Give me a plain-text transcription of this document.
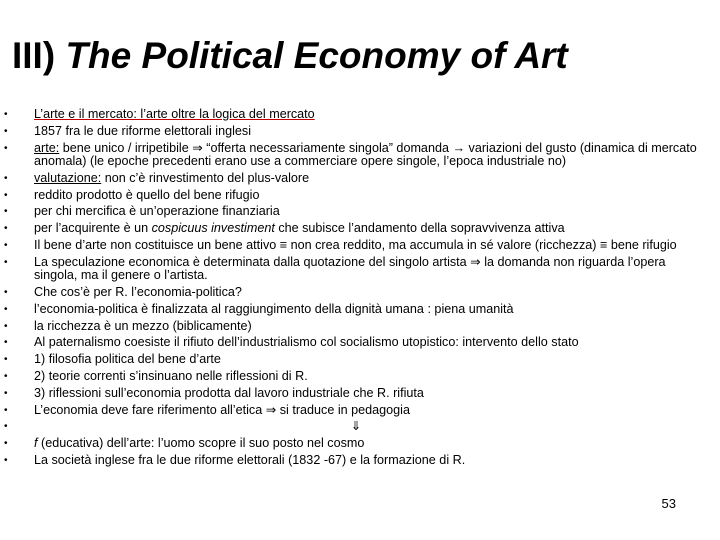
III) The Political Economy of Art
• L’arte e il mercato: l’arte oltre la logica del mercato
• 1857 fra le due riforme elettorali inglesi
• arte: bene unico / irripetibile ⇒ “offerta necessariamente singola” domanda → variazioni del gusto (dinamica di mercato anomala) (le epoche precedenti erano use a commerciare opere singole, l’epoca industriale no)
• valutazione: non c’è rinvestimento del plus-valore
• reddito prodotto è quello del bene rifugio
• per chi mercifica è un’operazione finanziaria
• per l’acquirente è un cospicuus investiment che subisce l’andamento della sopravvivenza attiva
• Il bene d’arte non costituisce un bene attivo ≡ non crea reddito, ma accumula in sé valore (ricchezza) ≡ bene rifugio
• La speculazione economica è determinata dalla quotazione del singolo artista ⇒ la domanda non riguarda l’opera singola, ma il genere o l’artista.
• Che cos’è per R. l’economia-politica?
• l’economia-politica è finalizzata al raggiungimento della dignità umana : piena umanità
• la ricchezza è un mezzo (biblicamente)
• Al paternalismo coesiste il rifiuto dell’industrialismo col socialismo utopistico: intervento dello stato
• 1) filosofia politica del bene d’arte
• 2) teorie correnti s’insinuano nelle riflessioni di R.
• 3) riflessioni sull’economia prodotta dal lavoro industriale che R. rifiuta
• L’economia deve fare riferimento all’etica ⇒ si traduce in pedagogia
•	⇓
• f (educativa) dell’arte: l’uomo scopre il suo posto nel cosmo
• La società inglese fra le due riforme elettorali (1832 -67) e la formazione di R.
53
